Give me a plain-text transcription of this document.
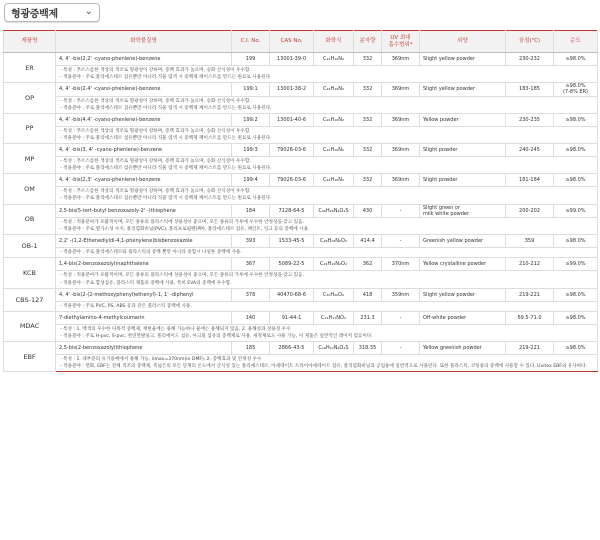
형광증백제	⌄
제품명	화학물질명	C.I. No.	CAS No.	화학식	분자량	UV 최대
흡수범위*	외양	융점(℃)	순도
ER	4, 4' -bis(2,2' -cyano-phenlene)-benzene	199	13001-39-0	C₂₄H₁₆N₂	332	369nm	Slight yellow powder	230-232	≥98.0%

	- 특성 : 푸르스름한 색상의 색조로 형광성이 강하며, 증백 효과가 높으며, 승화 산식성이 우수함.
- 적용분야 : 주로 폴리에스테르 섬유뿐만 아니라 직물 염색 시 증백제 페이스트를 만드는 원료로 사용된다.								

OP	4, 4' -bis(2,4' -cyano-phenlene)-benzene	199:1	13001-38-2	C₂₄H₁₆N₂	332	369nm	Slight yellow powder	183-185	≥98.0%
(7-8% ER)

	- 특성 : 푸르스름한 색상의 색조로 형광성이 강하며, 증백 효과가 높으며, 승화 산식성이 우수함.
- 적용분야 : 주로 폴리에스테르 섬유뿐만 아니라 직물 염색 시 증백제 페이스트를 만드는 원료로 사용된다.								

PP	4, 4' -bis(4,4' -cyano-phenlene)-benzene	199:2	13001-40-6	C₂₄H₁₆N₂	332	369nm	Yellow powder	230-235	≥98.0%

	- 특성 : 푸르스름한 색상의 색조로 형광성이 강하며, 증백 효과가 높으며, 승화 산식성이 우수함.
- 적용분야 : 주로 폴리에스테르 섬유뿐만 아니라 직물 염색 시 증백제 페이스트를 만드는 원료로 사용된다.								

MP	4, 4' -bis(3, 4' -cyano-phenlene)-benzene	199:3	79026-03-6	C₂₄H₁₆N₂	332	369nm	Slight powder	240-245	≥98.0%

	- 특성 : 푸르스름한 색상의 색조로 형광성이 강하며, 증백 효과가 높으며, 승화 산식성이 우수함.
- 적용분야 : 주로 폴리에스테르 섬유뿐만 아니라 직물 염색 시 증백제 페이스트를 만드는 원료로 사용된다.								

OM	4, 4' -bis(2,3' -cyano-phenlene)-benzene	199:4	79026-03-6	C₂₄H₁₆N₂	332	369nm	Slight powder	181-184	≥98.0%

	- 특성 : 푸르스름한 색상의 색조로 형광성이 강하며, 증백 효과가 높으며, 승화 산식성이 우수함.
- 적용분야 : 주로 폴리에스테르 섬유뿐만 아니라 직물 염색 시 증백제 페이스트를 만드는 원료로 사용된다.								

OB	2,5-bis(5-tert-butyl benzoxazoly-2' -)thiophene	184	7128-64-5	C₂₆H₂₆N₂O₂S	430	-	Slight green or
milk white powder	200-202	≥99.0%

	- 특성 : 적용분야가 포괄적이며, 모든 종류의 플라스틱에 상용성이 좋으며, 모든 종류의 가루에 우수한 안정성을 갖고 있음.
- 적용분야 : 주로 열가소성 수지, 폴리염화비닐(PVC), 폴리프로필렌(PP), 폴리에스테르 섬유, 페인트, 잉크 등의 증백에 사용.								

OB-1	2,2' -(1,2-Ethenediyldi-4,1-phenylene)bisbenzoxazole	393	1533-45-5	C₂₈H₁₈N₂O₂	414.4	-	Greenish yellow powder	359	≥98.0%

	- 적용분야 : 주로 폴리에스테르와 플라스틱의 증백 뿐만 아니라 중합시 나일론 증백에 사용.								

KCB	1,4-bis(2-benzoxazolyl)naphthalene	367	5089-22-5	C₂₄H₁₄N₂O₂	362	370nm	Yellow crystalline powder	210-212	≥99.0%

	- 특성 : 적용분야가 포괄적이며, 모든 종류의 플라스틱에 상용성이 좋으며, 모든 종류의 가루에 우수한 안정성을 갖고 있음.
- 적용분야 : 주로 합성섬유, 플라스틱 제품의 증백에 사용, 특히 EVA의 증백에 우수함.								

CBS-127	4, 4' -bis(2-(2-methoxyphenyl)ethenyl)-1, 1' -diphenyl	378	40470-68-6	C₃₀H₂₆O₂	418	359nm	Slight yellow powder	219-221	≥98.0%

	- 적용분야 : 주로 PVC, PS, ABS 등과 같은 플라스틱 증백에 사용.								

MDAC	7-diethylamino-4-methylcoumarin	140	91-44-1	C₁₄H₁₇NO₂	231.3	-	Off-white powder	69.5-71.0	≥98.0%

	- 특성 : 1. 백색의 우수한 다목적 증백제, 재현율에는 용해 가능하나 물에는 용해되지 않음, 2. 용해성과 상용성 우수
- 적용분야 : 주로 H-pvc, S-pvc, 천연면발실크, 폴리에이드 섬유, 아크릴 섬유의 증백제로 사용, 세정제로도 사용 가능, 이 제품은 일반적인 레이저 염료이다.								

EBF	2,5-bis(2-benzoxazolyl)thiophene	185	2866-43-5	C₁₈H₁₀N₂O₂S	318.35	-	Yellow greenish powder	219-221	≥98.0%

	- 특성 : 1. 대부분의 유기용매에서 용해 가능, λmax=370nm(in DMF), 2. 증백효과 및 안정성 우수
- 적용분야 : 면화, EBF는 전체 색조의 증백제, 폭넓은의 모든 단계의 온도에서 산식성 있는 폴리에스테르, 아세테이트 트라이아세테이트 섬유, 폴리염화비닐과 공업용에 일반적으로 사용된다. 또한 플라스틱, 코팅용의 증백에 사용할 수 있다. Uvitex EBF와 유사하다.								
